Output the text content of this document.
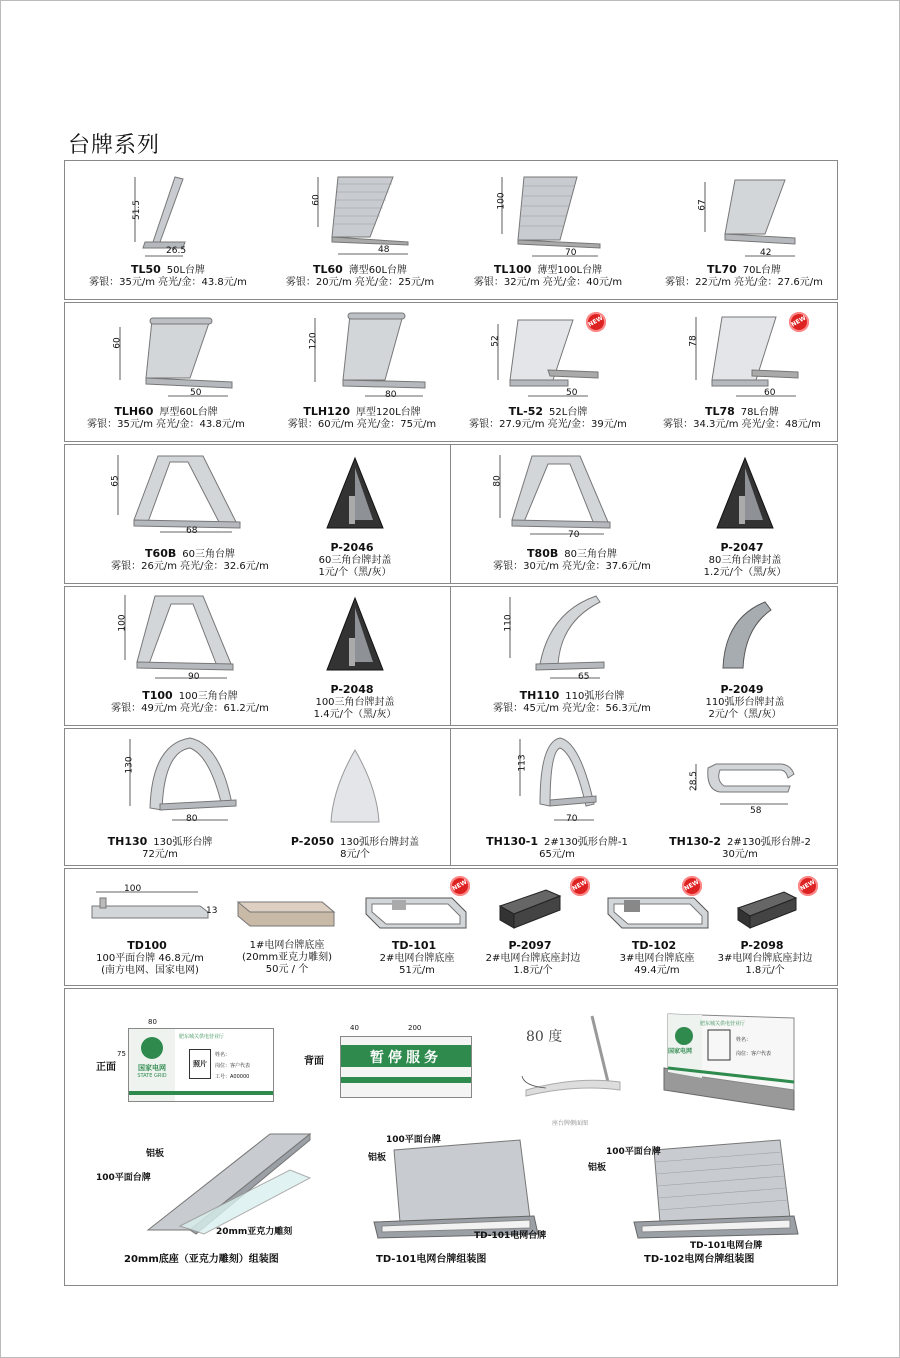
台牌系列
TL50 50L台牌
雾银：35元/m 亮光/金：43.8元/m
TL60 薄型60L台牌
雾银：20元/m 亮光/金：25元/m
TL100 薄型100L台牌
雾银：32元/m 亮光/金：40元/m
TL70 70L台牌
雾银：22元/m 亮光/金：27.6元/m
51.5
26.5
60
48
100
70
67
42
TLH60 厚型60L台牌
雾银：35元/m 亮光/金：43.8元/m
TLH120 厚型120L台牌
雾银：60元/m 亮光/金：75元/m
NEW
TL-52 52L台牌
雾银：27.9元/m 亮光/金：39元/m
NEW
TL78 78L台牌
雾银：34.3元/m 亮光/金：48元/m
60
50
120
80
52
50
78
60
T60B 60三角台牌
雾银：26元/m 亮光/金：32.6元/m
P-2046
60三角台牌封盖
1元/个（黑/灰）
T80B 80三角台牌
雾银：30元/m 亮光/金：37.6元/m
P-2047
80三角台牌封盖
1.2元/个（黑/灰）
65
68
80
70
T100 100三角台牌
雾银：49元/m 亮光/金：61.2元/m
P-2048
100三角台牌封盖
1.4元/个（黑/灰）
TH110 110弧形台牌
雾银：45元/m 亮光/金：56.3元/m
P-2049
110弧形台牌封盖
2元/个（黑/灰）
100
90
110
65
TH130 130弧形台牌
72元/m
P-2050 130弧形台牌封盖
8元/个
TH130-1 2#130弧形台牌-1
65元/m
TH130-2 2#130弧形台牌-2
30元/m
130
80
113
70
28.5
58
100
13
TD100
100平面台牌 46.8元/m
(南方电网、国家电网)
1#电网台牌底座
(20mm亚克力雕刻)
50元 / 个
NEW
TD-101
2#电网台牌底座
51元/m
NEW
P-2097
2#电网台牌底座封边
1.8元/个
NEW
TD-102
3#电网台牌底座
49.4元/m
NEW
P-2098
3#电网台牌底座封边
1.8元/个
正面
80
75
国家电网
STATE GRID
肥东城关供电营业厅
照片
姓名：
岗位：客户代表
工号：A00000
背面
40	200
暂停服务
80 度
座台牌侧面图
肥东城关供电营业厅
国家电网
姓名：
岗位：客户代表
铝板
100平面台牌
20mm亚克力雕刻
20mm底座（亚克力雕刻）组装图
100平面台牌
铝板
TD-101电网台牌
TD-101电网台牌组装图
100平面台牌
铝板
TD-101电网台牌
TD-102电网台牌组装图
